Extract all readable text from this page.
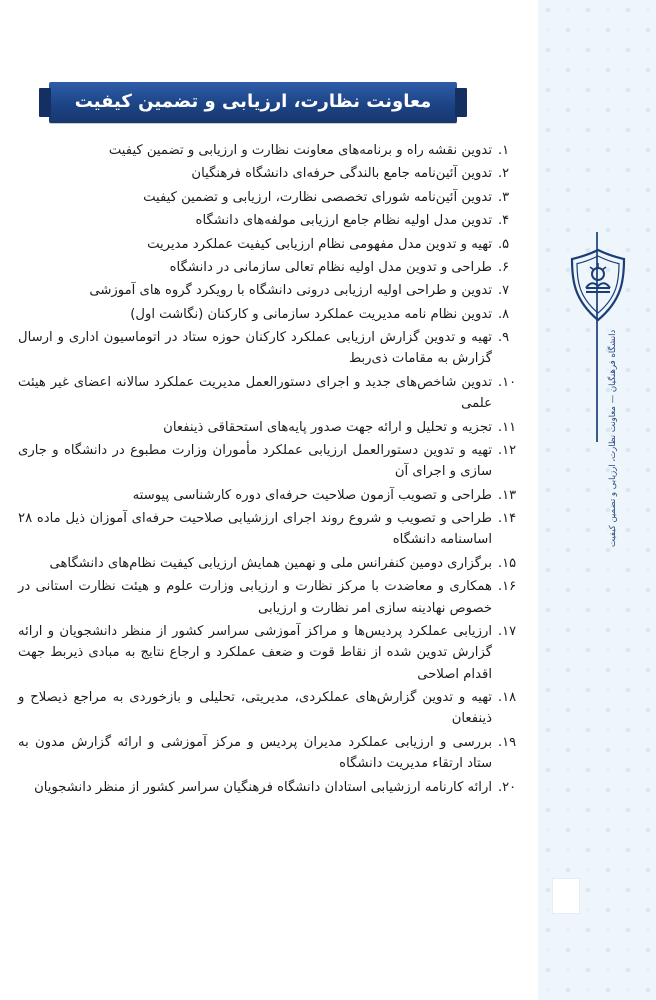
دانشگاه فرهنگیان — معاونت نظارت، ارزیابی و تضمین کیفیت
معاونت نظارت، ارزیابی و تضمین کیفیت
۱.
تدوین نقشه راه و برنامه‌های معاونت نظارت و ارزیابی و تضمین کیفیت
۲.
تدوین آئین‌نامه جامع بالندگی حرفه‌ای دانشگاه فرهنگیان
۳.
تدوین آئین‌نامه شورای تخصصی نظارت، ارزیابی و تضمین کیفیت
۴.
تدوین مدل اولیه نظام جامع ارزیابی مولفه‌های دانشگاه
۵.
تهیه و تدوین مدل مفهومی نظام ارزیابی کیفیت عملکرد مدیریت
۶.
طراحی و تدوین مدل اولیه نظام تعالی سازمانی در دانشگاه
۷.
تدوین و طراحی اولیه ارزیابی درونی دانشگاه با رویکرد گروه های آموزشی
۸.
تدوین نظام نامه مدیریت عملکرد سازمانی و کارکنان (نگاشت اول)
۹.
تهیه و تدوین گزارش ارزیابی عملکرد کارکنان حوزه ستاد در اتوماسیون اداری و ارسال گزارش به مقامات ذی‌ربط
۱۰.
تدوین شاخص‌های جدید و اجرای دستورالعمل مدیریت عملکرد سالانه اعضای غیر هیئت علمی
۱۱.
تجزیه و تحلیل و ارائه جهت صدور پایه‌های استحقاقی ذینفعان
۱۲.
تهیه و تدوین دستورالعمل ارزیابی عملکرد مأموران وزارت مطبوع در دانشگاه و جاری سازی و اجرای آن
۱۳.
طراحی و تصویب آزمون صلاحیت حرفه‌ای دوره کارشناسی پیوسته
۱۴.
طراحی و تصویب و شروع روند اجرای ارزشیابی صلاحیت حرفه‌ای آموزان ذیل ماده ۲۸ اساسنامه دانشگاه
۱۵.
برگزاری دومین کنفرانس ملی و نهمین همایش ارزیابی کیفیت نظام‌های دانشگاهی
۱۶.
همکاری و معاضدت با مرکز نظارت و ارزیابی وزارت علوم و هیئت نظارت استانی در خصوص نهادینه سازی امر نظارت و ارزیابی
۱۷.
ارزیابی عملکرد پردیس‌ها و مراکز آموزشی سراسر کشور از منظر دانشجویان و ارائه گزارش تدوین شده از نقاط قوت و ضعف عملکرد و ارجاع نتایج به مبادی ذیربط جهت اقدام اصلاحی
۱۸.
تهیه و تدوین گزارش‌های عملکردی، مدیریتی، تحلیلی و بازخوردی به مراجع ذیصلاح و ذینفعان
۱۹.
بررسی و ارزیابی عملکرد مدیران پردیس و مرکز آموزشی و ارائه گزارش مدون به ستاد ارتقاء مدیریت دانشگاه
۲۰.
ارائه کارنامه ارزشیابی استادان دانشگاه فرهنگیان سراسر کشور از منظر دانشجویان
